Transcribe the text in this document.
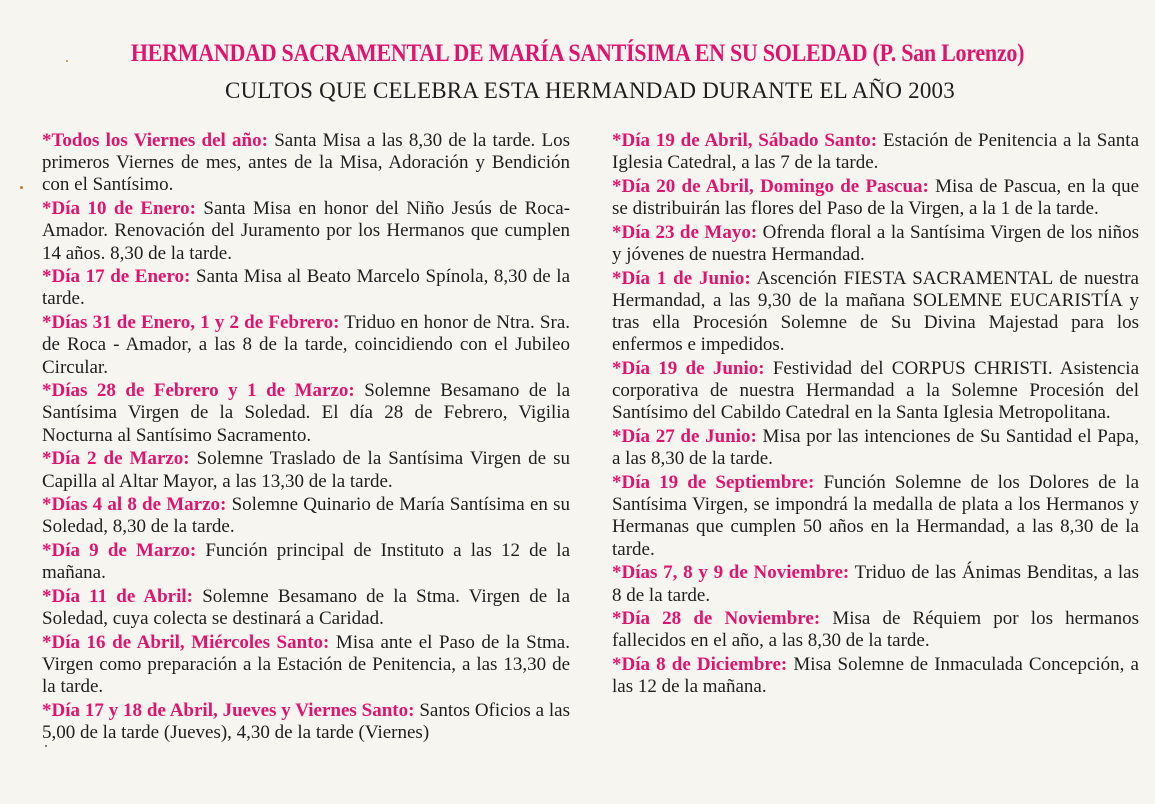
HERMANDAD SACRAMENTAL DE MARÍA SANTÍSIMA EN SU SOLEDAD (P. San Lorenzo)
CULTOS QUE CELEBRA ESTA HERMANDAD DURANTE EL AÑO 2003

*Todos los Viernes del año: Santa Misa a las 8,30 de la tarde. Los primeros Viernes de mes, antes de la Misa, Adoración y Bendición con el Santísimo.

*Día 10 de Enero: Santa Misa en honor del Niño Jesús de Roca-Amador. Renovación del Juramento por los Hermanos que cumplen 14 años. 8,30 de la tarde.

*Día 17 de Enero: Santa Misa al Beato Marcelo Spínola, 8,30 de la tarde.

*Días 31 de Enero, 1 y 2 de Febrero: Triduo en honor de Ntra. Sra. de Roca - Amador, a las 8 de la tarde, coincidiendo con el Jubileo Circular.

*Días 28 de Febrero y 1 de Marzo: Solemne Besamano de la Santísima Virgen de la Soledad. El día 28 de Febrero, Vigilia Nocturna al Santísimo Sacramento.

*Día 2 de Marzo: Solemne Traslado de la Santísima Virgen de su Capilla al Altar Mayor, a las 13,30 de la tarde.

*Días 4 al 8 de Marzo: Solemne Quinario de María Santísima en su Soledad, 8,30 de la tarde.

*Día 9 de Marzo: Función principal de Instituto a las 12 de la mañana.

*Día 11 de Abril: Solemne Besamano de la Stma. Virgen de la Soledad, cuya colecta se destinará a Caridad.

*Día 16 de Abril, Miércoles Santo: Misa ante el Paso de la Stma. Virgen como preparación a la Estación de Penitencia, a las 13,30 de la tarde.

*Día 17 y 18 de Abril, Jueves y Viernes Santo: Santos Oficios a las 5,00 de la tarde (Jueves), 4,30 de la tarde (Viernes)

*Día 19 de Abril, Sábado Santo: Estación de Penitencia a la Santa Iglesia Catedral, a las 7 de la tarde.

*Día 20 de Abril, Domingo de Pascua: Misa de Pascua, en la que se distribuirán las flores del Paso de la Virgen, a la 1 de la tarde.

*Día 23 de Mayo: Ofrenda floral a la Santísima Virgen de los niños y jóvenes de nuestra Hermandad.

*Día 1 de Junio: Ascención FIESTA SACRAMENTAL de nuestra Hermandad, a las 9,30 de la mañana SOLEMNE EUCARISTÍA y tras ella Procesión Solemne de Su Divina Majestad para los enfermos e impedidos.

*Día 19 de Junio: Festividad del CORPUS CHRISTI. Asistencia corporativa de nuestra Hermandad a la Solemne Procesión del Santísimo del Cabildo Catedral en la Santa Iglesia Metropolitana.

*Día 27 de Junio: Misa por las intenciones de Su Santidad el Papa, a las 8,30 de la tarde.

*Día 19 de Septiembre: Función Solemne de los Dolores de la Santísima Virgen, se impondrá la medalla de plata a los Hermanos y Hermanas que cumplen 50 años en la Hermandad, a las 8,30 de la tarde.

*Días 7, 8 y 9 de Noviembre: Triduo de las Ánimas Benditas, a las 8 de la tarde.

*Día 28 de Noviembre: Misa de Réquiem por los hermanos fallecidos en el año, a las 8,30 de la tarde.

*Día 8 de Diciembre: Misa Solemne de Inmaculada Concepción, a las 12 de la mañana.
